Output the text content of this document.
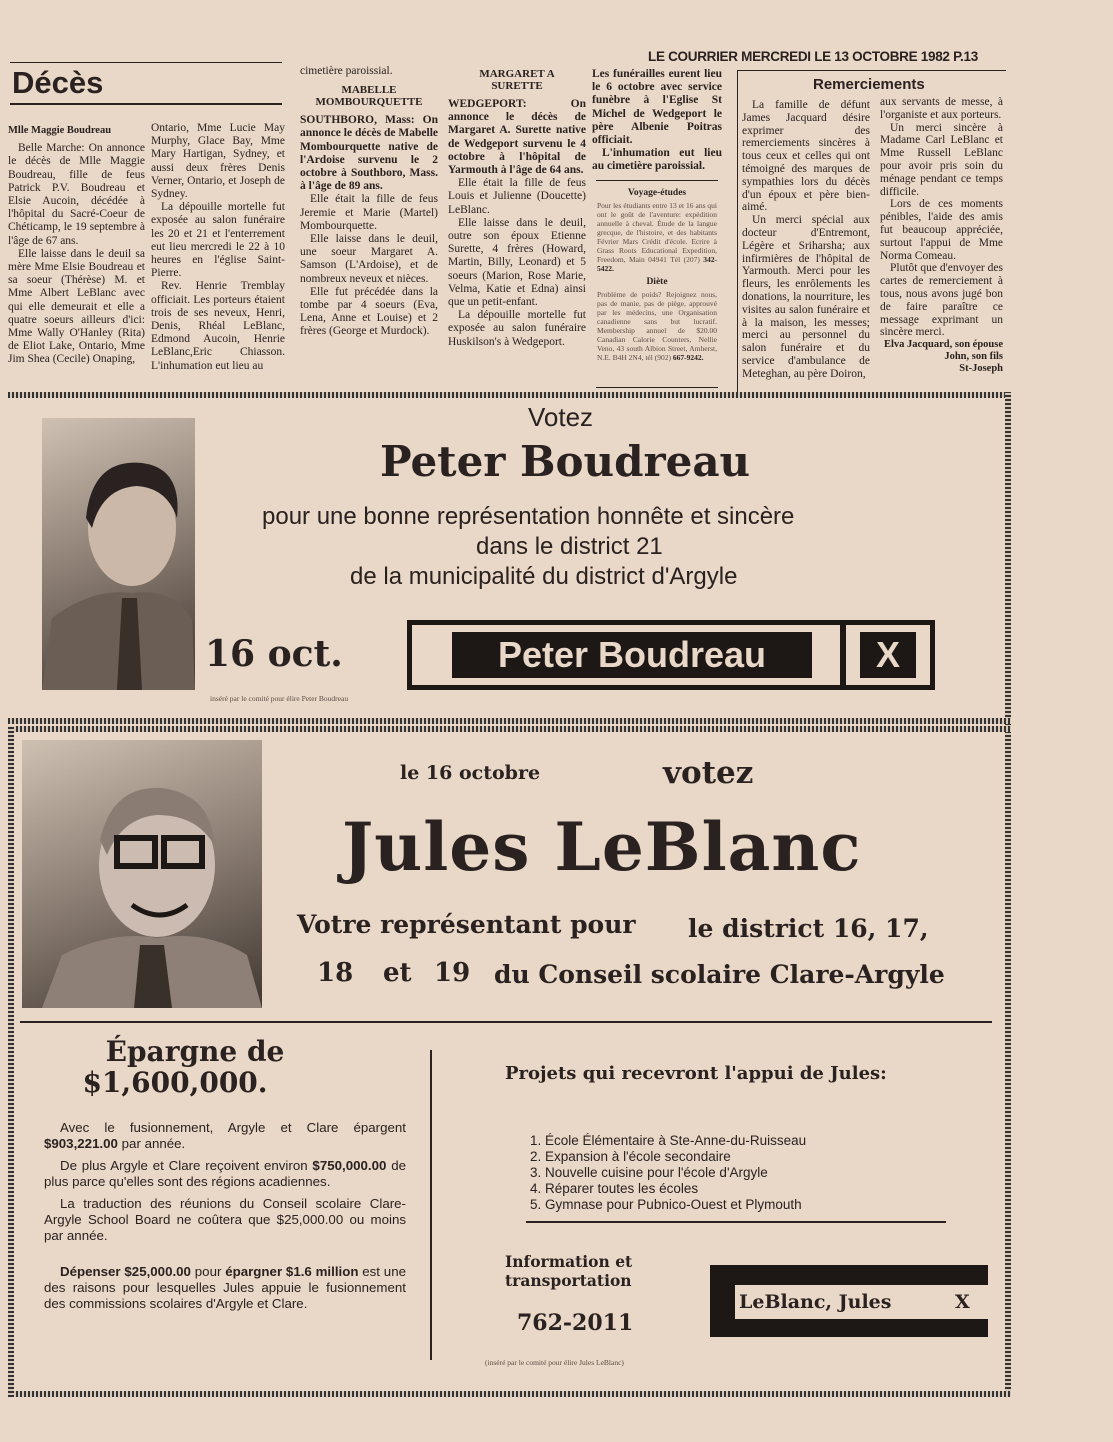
LE COURRIER MERCREDI LE 13 OCTOBRE 1982 P.13
Décès
Mlle Maggie Boudreau

Belle Marche: On annonce le décès de Mlle Maggie Boudreau, fille de feus Patrick P.V. Boudreau et Elsie Aucoin, décédée à l'hôpital du Sacré-Coeur de Chéticamp, le 19 septembre à l'âge de 67 ans.

Elle laisse dans le deuil sa mère Mme Elsie Boudreau et sa soeur (Thérèse) M. et Mme Albert LeBlanc avec qui elle demeurait et elle a quatre soeurs ailleurs d'ici: Mme Wally O'Hanley (Rita) de Eliot Lake, Ontario, Mme Jim Shea (Cecile) Onaping,

Ontario, Mme Lucie May Murphy, Glace Bay, Mme Mary Hartigan, Sydney, et aussi deux frères Denis Verner, Ontario, et Joseph de Sydney.

La dépouille mortelle fut exposée au salon funéraire les 20 et 21 et l'enterrement eut lieu mercredi le 22 à 10 heures en l'église Saint-Pierre.

Rev. Henrie Tremblay officiait. Les porteurs étaient trois de ses neveux, Henri, Denis, Rhéal LeBlanc, Edmond Aucoin, Henrie LeBlanc,Eric Chiasson. L'inhumation eut lieu au

cimetière paroissial.

MABELLE MOMBOURQUETTE

SOUTHBORO, Mass: On annonce le décès de Mabelle Mombourquette native de l'Ardoise survenu le 2 octobre à Southboro, Mass. à l'âge de 89 ans.

Elle était la fille de feus Jeremie et Marie (Martel) Mombourquette.

Elle laisse dans le deuil, une soeur Margaret A. Samson (L'Ardoise), et de nombreux neveux et nièces.

Elle fut précédée dans la tombe par 4 soeurs (Eva, Lena, Anne et Louise) et 2 frères (George et Murdock).

MARGARET A SURETTE

WEDGEPORT: On annonce le décès de Margaret A. Surette native de Wedgeport survenu le 4 octobre à l'hôpital de Yarmouth à l'âge de 64 ans.

Elle était la fille de feus Louis et Julienne (Doucette) LeBlanc.

Elle laisse dans le deuil, outre son époux Etienne Surette, 4 frères (Howard, Martin, Billy, Leonard) et 5 soeurs (Marion, Rose Marie, Velma, Katie et Edna) ainsi que un petit-enfant.

La dépouille mortelle fut exposée au salon funéraire Huskilson's à Wedgeport.

Les funérailles eurent lieu le 6 octobre avec service funèbre à l'Eglise St Michel de Wedgeport le père Albenie Poitras officiait.

L'inhumation eut lieu au cimetière paroissial.

Voyage-études
Pour les étudiants entre 13 et 16 ans qui ont le goût de l'aventure: expédition annuelle à cheval. Étude de la langue grecque, de l'histoire, et des habitants Février Mars Crédit d'école. Ecrire à Grass Roots Educational Expedition, Freedom, Main 04941 Tél (207) 342-5422.
Diète
Problème de poids? Rejoignez nous, pas de manie, pas de piège, approuvé par les médecins, une Organisation canadienne sans but lucratif. Membership annuel de $20.00 Canadian Calorie Counters, Nellie Veno, 43 south Albion Street, Amherst, N.E. B4H 2N4, tél (902) 667-9242.
Remerciements

La famille de défunt James Jacquard désire exprimer des remerciements sincères à tous ceux et celles qui ont témoigné des marques de sympathies lors du décès d'un époux et père bien-aimé.

Un merci spécial aux docteur d'Entremont, Légère et Sriharsha; aux infirmières de l'hôpital de Yarmouth. Merci pour les fleurs, les enrôlements les donations, la nourriture, les visites au salon funéraire et à la maison, les messes; merci au personnel du salon funéraire et du service d'ambulance de Meteghan, au père Doiron,

aux servants de messe, à l'organiste et aux porteurs.

Un merci sincère à Madame Carl LeBlanc et Mme Russell LeBlanc pour avoir pris soin du ménage pendant ce temps difficile.

Lors de ces moments pénibles, l'aide des amis fut beaucoup appréciée, surtout l'appui de Mme Norma Comeau.

Plutôt que d'envoyer des cartes de remerciement à tous, nous avons jugé bon de faire paraître ce message exprimant un sincère merci.

Elva Jacquard, son épouse
John, son fils
St-Joseph
Votez
Peter Boudreau
pour une bonne représentation honnête et sincère
dans le district 21
de la municipalité du district d'Argyle
16 oct.	Peter Boudreau	X
inséré par le comité pour élire Peter Boudreau
le 16 octobre	votez
Jules LeBlanc
Votre représentant pour le district 16, 17,
18 et 19 du Conseil scolaire Clare-Argyle
Épargne de
$1,600,000.

Avec le fusionnement, Argyle et Clare épargent $903,221.00 par année.

De plus Argyle et Clare reçoivent environ $750,000.00 de plus parce qu'elles sont des régions acadiennes.

La traduction des réunions du Conseil scolaire Clare-Argyle School Board ne coûtera que $25,000.00 ou moins par année.

Dépenser $25,000.00 pour épargner $1.6 million est une des raisons pour lesquelles Jules appuie le fusionnement des commissions scolaires d'Argyle et Clare.

Projets qui recevront l'appui de Jules:
1. École Élémentaire à Ste-Anne-du-Ruisseau
2. Expansion à l'école secondaire
3. Nouvelle cuisine pour l'école d'Argyle
4. Réparer toutes les écoles
5. Gymnase pour Pubnico-Ouest et Plymouth
Information et transportation
762-2011
LeBlanc, Jules	X
(inséré par le comité pour élire Jules LeBlanc)
